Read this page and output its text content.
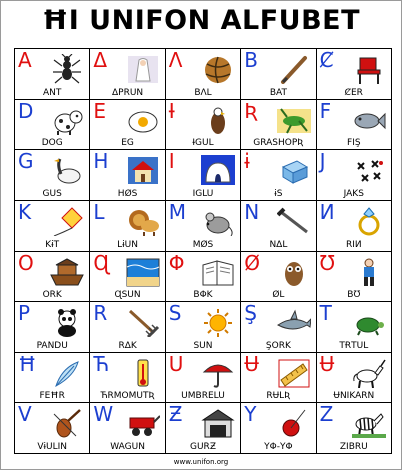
ĦI UNIFON ALFUBET
A
ANT
Δ
ΔPRUN
Λ
BΛL
B
BAT
Ȼ
ȻER
D
DOG
E
EG
Ɨ
ƗGUL
Ʀ
GRASHOPƦ
F
FIŞ
G
GUS
H
HØS
I
IGLU
ɨ
ɨS
J
JAKS
K
KɨT
L
LɨUN
M
MØS
N
NΔL
И
RIИ
O
ORK
Ɋ
ɊSUN
Φ
BΦK
Ø
ØL
Ʊ
BƱ
P
PANDU
R
RΔK
S
SUN
Ş
ŞORK
T
TɌTUL
Ħ
FEĦR
Ћ
ЋRMOMUTƦ
U
UMBRELU
Ʉ
RɄLƦ
Ʉ
ɄNIKARN
V
VɨULIN
W
WAGUN
Ƶ
GURƵ
Y
YΦ-YΦ
Z
ZIBRU
www.unifon.org
